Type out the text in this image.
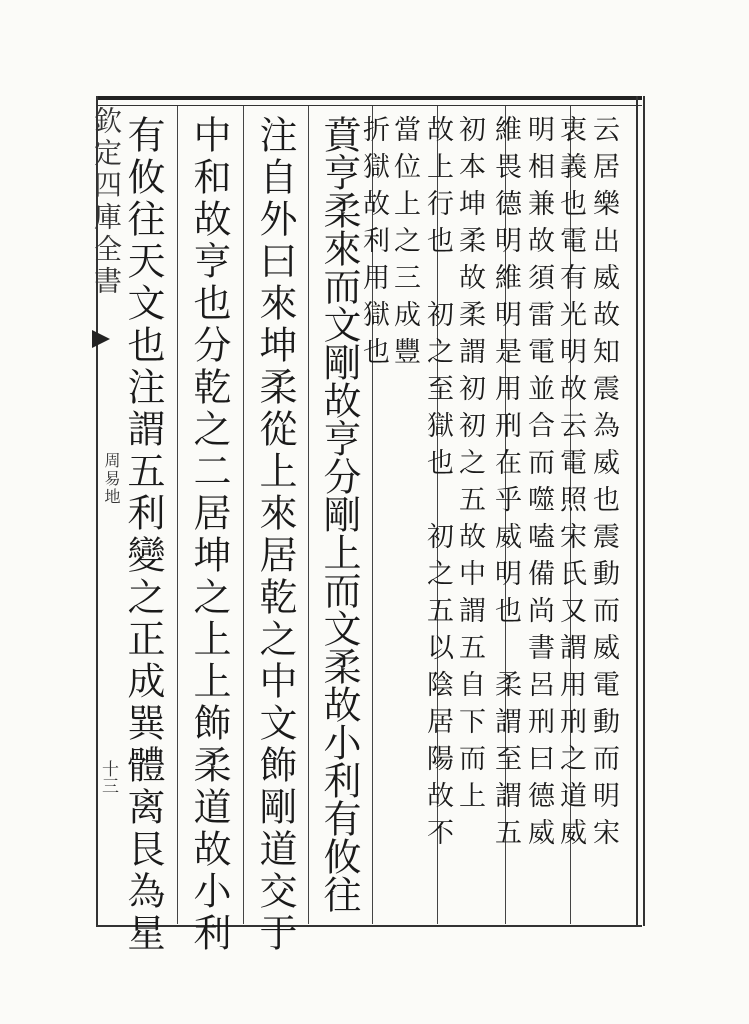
欽定四庫全書
周易地
十三	云居樂出威故知震為威也震動而威電動而明宋
衷義也電有光明故云電照宋氏又謂用刑之道威
明相兼故須雷電並合而噬嗑備尚書呂刑曰德威
維畏德明維明是用刑在乎威明也　柔謂至謂五
初本坤柔故柔謂初初之五故中謂五自下而上
故上行也　初之至獄也　初之五以陰居陽故不
當位上之三成豐
折獄故利用獄也
賁亨柔來而文剛故亨分剛上而文柔故小利有攸往
注自外曰來坤柔從上來居乾之中文飾剛道交于
中和故亨也分乾之二居坤之上上飾柔道故小利
有攸往天文也注謂五利變之正成巽體离艮為星
